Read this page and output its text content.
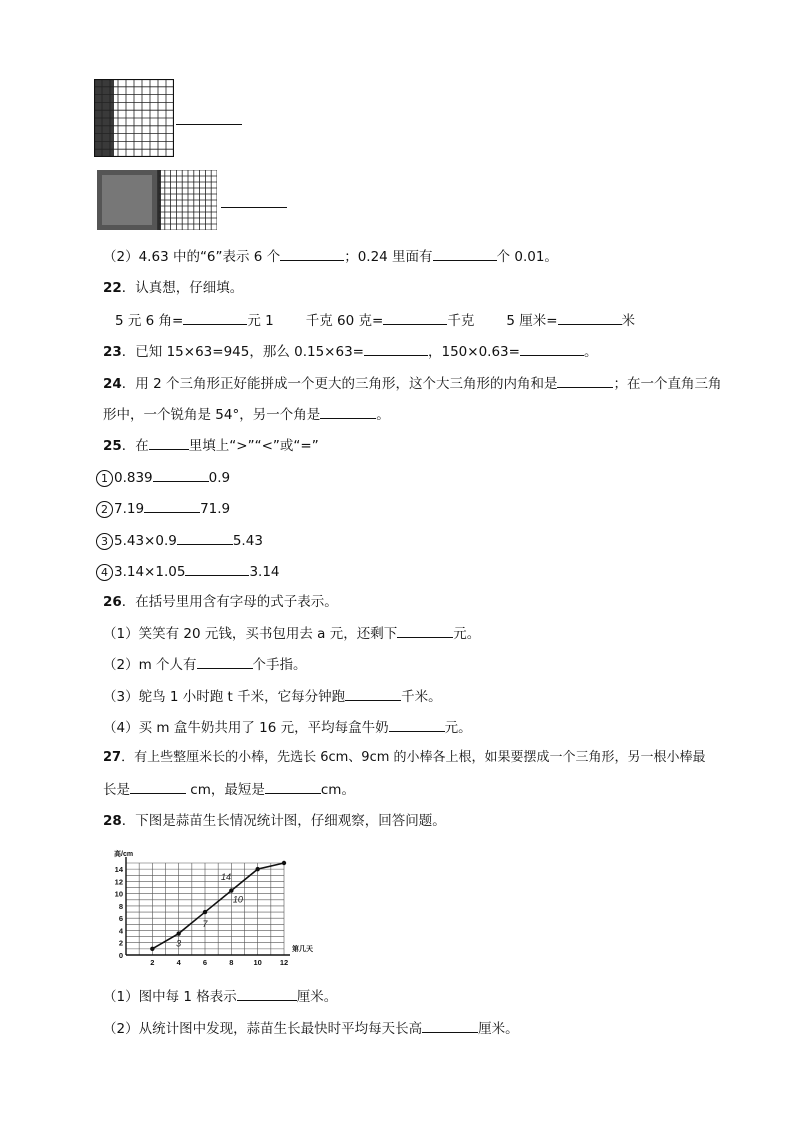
（2）4.63 中的“6”表示 6 个	；0.24 里面有	个 0.01。
22．认真想，仔细填。
5 元 6 角=	元 1 千克 60 克=	千克 5 厘米=	米
23．已知 15×63=945，那么 0.15×63=	，150×0.63=	。
24．用 2 个三角形正好能拼成一个更大的三角形，这个大三角形的内角和是	；在一个直角三角
形中，一个锐角是 54°，另一个角是	。
25．在	里填上“>”“<”或“=”
1 0.839	0.9
2 7.19	71.9
3 5.43×0.9	5.43
4 3.14×1.05	3.14
26．在括号里用含有字母的式子表示。
（1）笑笑有 20 元钱，买书包用去 a 元，还剩下	元。
（2）m 个人有	个手指。
（3）鸵鸟 1 小时跑 t 千米，它每分钟跑	千米。
（4）买 m 盒牛奶共用了 16 元，平均每盒牛奶	元。
27．有上些整厘米长的小棒，先选长 6cm、9cm 的小棒各上根，如果要摆成一个三角形，另一根小棒最
长是	cm，最短是	cm。
28．下图是蒜苗生长情况统计图，仔细观察，回答问题。
2	4	6	8	10 12
0
2
4
6
8
10
12
14
高/cm
第几天
3
7
10
14
（1）图中每 1 格表示	厘米。
（2）从统计图中发现，蒜苗生长最快时平均每天长高	厘米。
